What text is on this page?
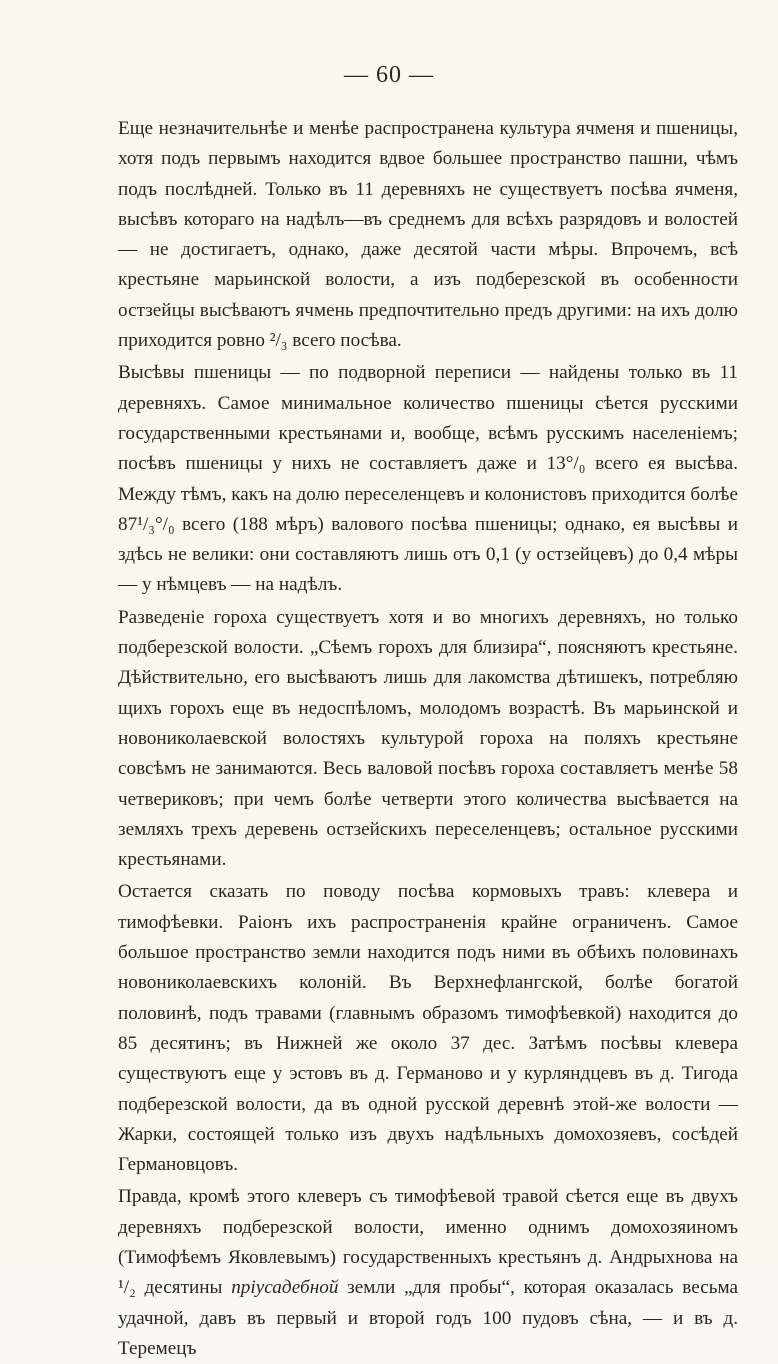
— 60 —

Еще незначительнѣе и менѣе распространена культура ячменя и пшеницы, хотя подъ первымъ находится вдвое большее пространство пашни, чѣмъ подъ послѣдней. Только въ 11 деревняхъ не существуетъ посѣва ячменя, высѣвъ котораго на надѣлъ—въ среднемъ для всѣхъ разрядовъ и волостей — не достигаетъ, однако, даже десятой части мѣры. Впрочемъ, всѣ крестьяне марьинской волости, а изъ подберезской въ особенности остзейцы высѣваютъ ячмень предпочтительно предъ другими: на ихъ долю приходится ровно ²/₃ всего посѣва.

Высѣвы пшеницы — по подворной переписи — найдены только въ 11 деревняхъ. Самое минимальное количество пшеницы сѣется русскими государственными крестьянами и, вообще, всѣмъ русскимъ населеніемъ; посѣвъ пшеницы у нихъ не составляетъ даже и 13°/₀ всего ея высѣва. Между тѣмъ, какъ на долю переселенцевъ и колонистовъ приходится болѣе 87¹/₃°/₀ всего (188 мѣръ) валового посѣва пшеницы; однако, ея высѣвы и здѣсь не велики: они составляютъ лишь отъ 0,1 (у остзейцевъ) до 0,4 мѣры — у нѣмцевъ — на надѣлъ.

Разведеніе гороха существуетъ хотя и во многихъ деревняхъ, но только подберезской волости. „Сѣемъ горохъ для близира“, поясняютъ крестьяне. Дѣйствительно, его высѣваютъ лишь для лакомства дѣтишекъ, потребляю щихъ горохъ еще въ недоспѣломъ, молодомъ возрастѣ. Въ марьинской и новониколаевской волостяхъ культурой гороха на поляхъ крестьяне совсѣмъ не занимаются. Весь валовой посѣвъ гороха составляетъ менѣе 58 четвериковъ; при чемъ болѣе четверти этого количества высѣвается на земляхъ трехъ деревень остзейскихъ переселенцевъ; остальное русскими крестьянами.

Остается сказать по поводу посѣва кормовыхъ травъ: клевера и тимофѣевки. Раіонъ ихъ распространенія крайне ограниченъ. Самое большое пространство земли находится подъ ними въ обѣихъ половинахъ новониколаевскихъ колоній. Въ Верхнефлангской, болѣе богатой половинѣ, подъ травами (главнымъ образомъ тимофѣевкой) находится до 85 десятинъ; въ Нижней же около 37 дес. Затѣмъ посѣвы клевера существуютъ еще у эстовъ въ д. Германово и у курляндцевъ въ д. Тигода подберезской волости, да въ одной русской деревнѣ этой-же волости — Жарки, состоящей только изъ двухъ надѣльныхъ домохозяевъ, сосѣдей Германовцовъ.

Правда, кромѣ этого клеверъ съ тимофѣевой травой сѣется еще въ двухъ деревняхъ подберезской волости, именно однимъ домохозяиномъ (Тимофѣемъ Яковлевымъ) государственныхъ крестьянъ д. Андрыхнова на ¹/₂ десятины пріусадебной земли „для пробы“, которая оказалась весьма удачной, давъ въ первый и второй годъ 100 пудовъ сѣна, — и въ д. Теремецъ
